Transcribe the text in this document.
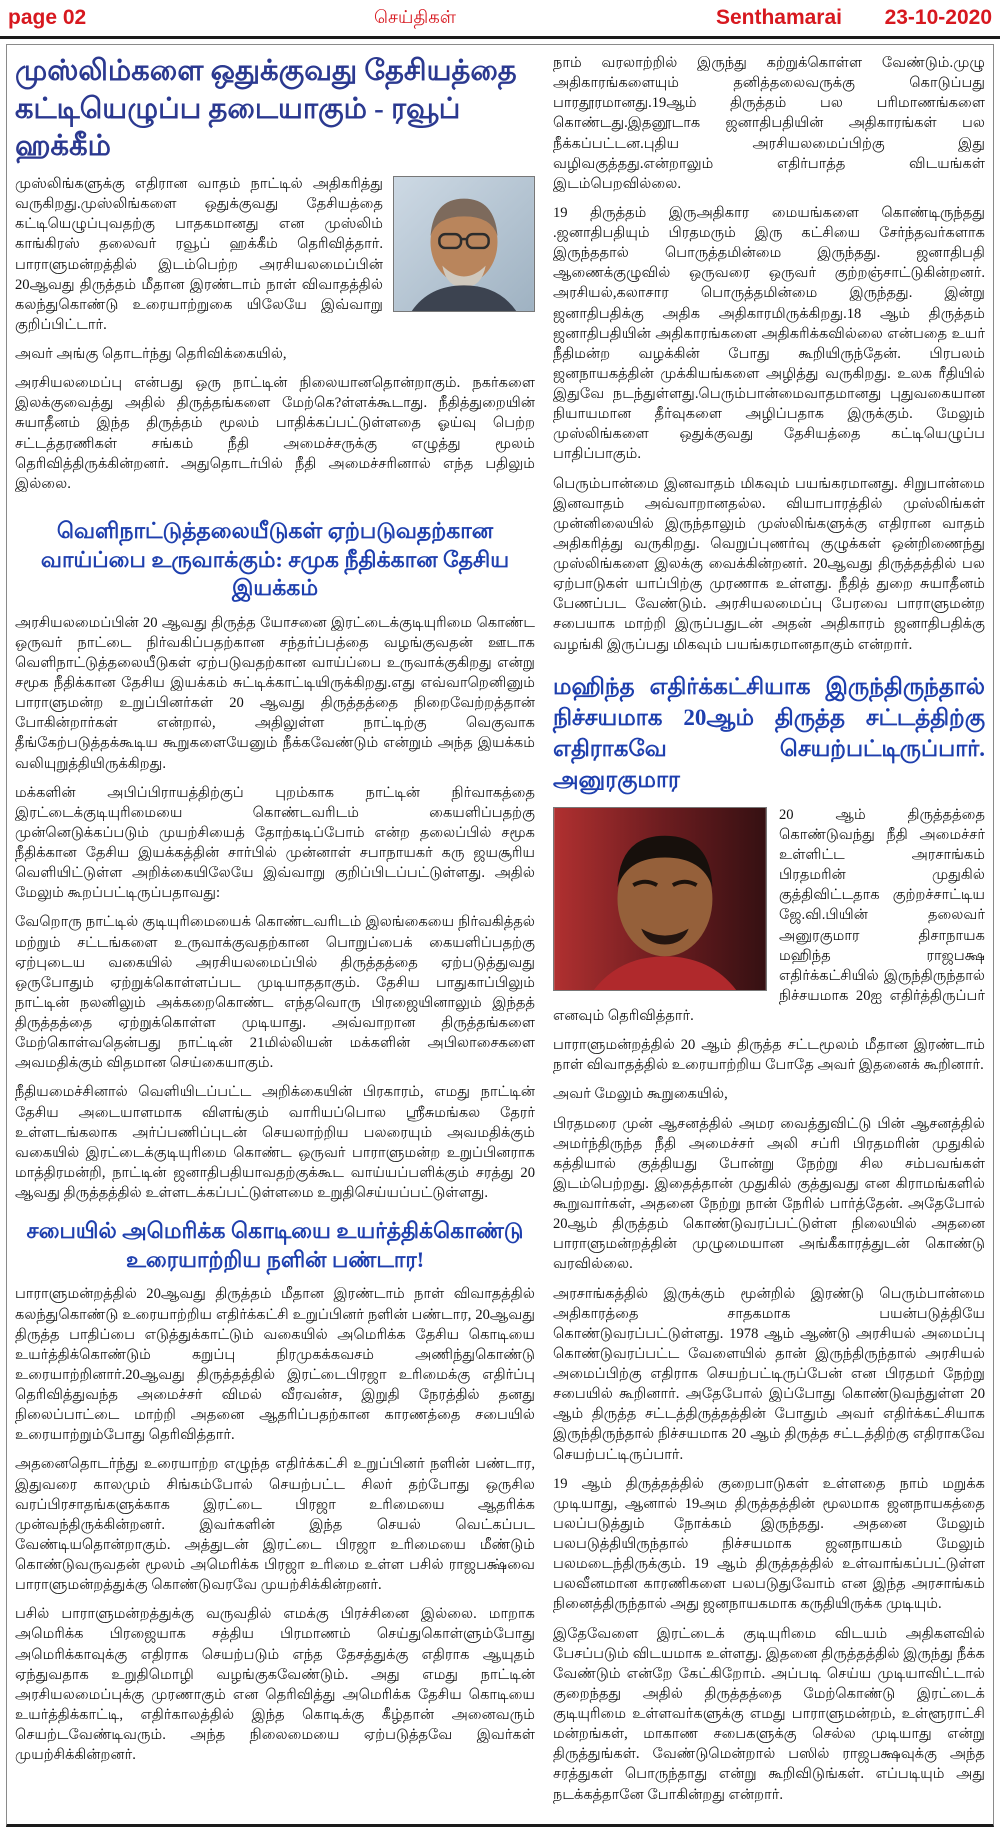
page 02	செய்திகள்	Senthamarai	23-10-2020
முஸ்லிம்களை ஒதுக்குவது தேசியத்தை கட்டியெழுப்ப தடையாகும் - ரவூப் ஹக்கீம்

முஸ்லிங்களுக்கு எதிரான வாதம் நாட்டில் அதிகரித்து வருகிறது.முஸ்லிங்களை ஒதுக்குவது தேசியத்தை கட்டியெழுப்புவதற்கு பாதகமானது என முஸ்லிம் காங்கிரஸ் தலைவர் ரவூப் ஹக்கீம் தெரிவித்தார். பாராளுமன்றத்தில் இடம்பெற்ற அரசியலமைப்பின் 20ஆவது திருத்தம் மீதான இரண்டாம் நாள் விவாதத்தில் கலந்துகொண்டு உரையாற்றுகை யிலேயே இவ்வாறு குறிப்பிட்டார்.

அவர் அங்கு தொடர்ந்து தெரிவிக்கையில்,

அரசியலமைப்பு என்பது ஒரு நாட்டின் நிலையானதொன்றாகும். நகர்களை இலக்குவைத்து அதில் திருத்தங்களை மேற்கெ?ள்ளக்கூடாது. நீதித்துறையின் சுயாதீனம் இந்த திருத்தம் மூலம் பாதிக்கப்பட்டுள்ளதை ஓய்வு பெற்ற சட்டத்தரணிகள் சங்கம் நீதி அமைச்சருக்கு எழுத்து மூலம் தெரிவித்திருக்கின்றனர். அதுதொடர்பில் நீதி அமைச்சரினால் எந்த பதிலும் இல்லை.

வெளிநாட்டுத்தலையீடுகள் ஏற்படுவதற்கான வாய்ப்பை உருவாக்கும்: சமுக நீதிக்கான தேசிய இயக்கம்

அரசியலமைப்பின் 20 ஆவது திருத்த யோசனை இரட்டைக்குடியுரிமை கொண்ட ஒருவர் நாட்டை நிர்வகிப்பதற்கான சந்தர்ப்பத்தை வழங்குவதன் ஊடாக வெளிநாட்டுத்தலையீடுகள் ஏற்படுவதற்கான வாய்ப்பை உருவாக்குகிறது என்று சமூக நீதிக்கான தேசிய இயக்கம் சுட்டிக்காட்டியிருக்கிறது.எது எவ்வாறெனினும் பாராளுமன்ற உறுப்பினர்கள் 20 ஆவது திருத்தத்தை நிறைவேற்றத்தான் போகின்றார்கள் என்றால், அதிலுள்ள நாட்டிற்கு வெகுவாக தீங்கேற்படுத்தக்கூடிய கூறுகளையேனும் நீக்கவேண்டும் என்றும் அந்த இயக்கம் வலியுறுத்தியிருக்கிறது.

மக்களின் அபிப்பிராயத்திற்குப் புறம்காக நாட்டின் நிர்வாகத்தை இரட்டைக்குடியுரிமையை கொண்டவரிடம் கையளிப்பதற்கு முன்னெடுக்கப்படும் முயற்சியைத் தோற்கடிப்போம் என்ற தலைப்பில் சமூக நீதிக்கான தேசிய இயக்கத்தின் சார்பில் முன்னாள் சபாநாயகர் கரு ஜயசூரிய வெளியிட்டுள்ள அறிக்கையிலேயே இவ்வாறு குறிப்பிடப்பட்டுள்ளது. அதில் மேலும் கூறப்பட்டிருப்பதாவது:

வேறொரு நாட்டில் குடியுரிமையைக் கொண்டவரிடம் இலங்கையை நிர்வகித்தல் மற்றும் சட்டங்களை உருவாக்குவதற்கான பொறுப்பைக் கையளிப்பதற்கு ஏற்புடைய வகையில் அரசியலமைப்பில் திருத்தத்தை ஏற்படுத்துவது ஒருபோதும் ஏற்றுக்கொள்ளப்பட முடியாததாகும். தேசிய பாதுகாப்பிலும் நாட்டின் நலனிலும் அக்கறைகொண்ட எந்தவொரு பிரஜையினாலும் இந்தத் திருத்தத்தை ஏற்றுக்கொள்ள முடியாது. அவ்வாறான திருத்தங்களை மேற்கொள்வதென்பது நாட்டின் 21மில்லியன் மக்களின் அபிலாசைகளை அவமதிக்கும் விதமான செய்கையாகும்.

நீதியமைச்சினால் வெளியிடப்பட்ட அறிக்கையின் பிரகாரம், எமது நாட்டின் தேசிய அடையாளமாக விளங்கும் வாரியப்பொல ஸ்ரீசுமங்கல தேரர் உள்ளடங்கலாக அர்ப்பணிப்புடன் செயலாற்றிய பலரையும் அவமதிக்கும் வகையில் இரட்டைக்குடியுரிமை கொண்ட ஒருவர் பாராளுமன்ற உறுப்பினராக மாத்திரமன்றி, நாட்டின் ஜனாதிபதியாவதற்குக்கூட வாய்யப்பளிக்கும் சரத்து 20 ஆவது திருத்தத்தில் உள்ளடக்கப்பட்டுள்ளமை உறுதிசெய்யப்பட்டுள்ளது.

சபையில் அமெரிக்க கொடியை உயர்த்திக்கொண்டு உரையாற்றிய நளின் பண்டார!

பாராளுமன்றத்தில் 20ஆவது திருத்தம் மீதான இரண்டாம் நாள் விவாதத்தில் கலந்துகொண்டு உரையாற்றிய எதிர்க்கட்சி உறுப்பினர் நளின் பண்டார, 20ஆவது திருத்த பாதிப்பை எடுத்துக்காட்டும் வகையில் அமெரிக்க தேசிய கொடியை உயர்த்திக்கொண்டும் கறுப்பு நிரமுகக்கவசம் அணிந்துகொண்டு உரையாற்றினார்.20ஆவது திருத்தத்தில் இரட்டைபிரஜா உரிமைக்கு எதிர்ப்பு தெரிவித்துவந்த அமைச்சர் விமல் வீரவன்ச, இறுதி நேரத்தில் தனது நிலைப்பாட்டை மாற்றி அதனை ஆதரிப்பதற்கான காரணத்தை சபையில் உரையாற்றும்போது தெரிவித்தார்.

அதனைதொடர்ந்து உரையாற்ற எழுந்த எதிர்க்கட்சி உறுப்பினர் நளின் பண்டார, இதுவரை காலமும் சிங்கம்போல் செயற்பட்ட சிலர் தற்போது ஒருசில வரப்பிரசாதங்களுக்காக இரட்டை பிரஜா உரிமையை ஆதரிக்க முன்வந்திருக்கின்றனர். இவர்களின் இந்த செயல் வெட்கப்பட வேண்டியதொன்றாகும். அத்துடன் இரட்டை பிரஜா உரிமையை மீண்டும் கொண்டுவருவதன் மூலம் அமெரிக்க பிரஜா உரிமை உள்ள பசில் ராஜபக்ஷ்வை பாராளுமன்றத்துக்கு கொண்டுவரவே முயற்சிக்கின்றனர்.

பசில் பாராளுமன்றத்துக்கு வருவதில் எமக்கு பிரச்சினை இல்லை. மாறாக அமெரிக்க பிரஜையாக சத்திய பிரமாணம் செய்துகொள்ளும்போது அமெரிக்காவுக்கு எதிராக செயற்படும் எந்த தேசத்துக்கு எதிராக ஆயுதம் ஏந்துவதாக உறுதிமொழி வழங்குகவேண்டும். அது எமது நாட்டின் அரசியலமைப்புக்கு முரணாகும் என தெரிவித்து அமெரிக்க தேசிய கொடியை உயர்த்திக்காட்டி, எதிர்காலத்தில் இந்த கொடிக்கு கீழ்தான் அனைவரும் செயற்டவேண்டிவரும். அந்த நிலைமையை ஏற்படுத்தவே இவர்கள் முயற்சிக்கின்றனர்.

நாம் வரலாற்றில் இருந்து கற்றுக்கொள்ள வேண்டும்.முழு அதிகாரங்களையும் தனித்தலைவருக்கு கொடுப்பது பாரதூரமானது.19ஆம் திருத்தம் பல பரிமாணங்களை கொண்டது.இதனூடாக ஜனாதிபதியின் அதிகாரங்கள் பல நீக்கப்பட்டன.புதிய அரசியலமைப்பிற்கு இது வழிவகுத்தது.என்றாலும் எதிர்பாத்த விடயங்கள் இடம்பெறவில்லை.

19 திருத்தம் இருஅதிகார மையங்களை கொண்டிருந்தது .ஜனாதிபதியும் பிரதமரும் இரு கட்சியை சேர்ந்தவர்களாக இருந்ததால் பொருத்தமின்மை இருந்தது. ஜனாதிபதி ஆணைக்குழுவில் ஒருவரை ஒருவர் குற்றஞ்சாட்டுகின்றனர். அரசியல்,கலாசார பொருத்தமின்மை இருந்தது. இன்று ஜனாதிபதிக்கு அதிக அதிகாரமிருக்கிறது.18 ஆம் திருத்தம் ஜனாதிபதியின் அதிகாரங்களை அதிகரிக்கவில்லை என்பதை உயர் நீதிமன்ற வழக்கின் போது கூறியிருந்தேன். பிரபலம் ஜனநாயகத்தின் முக்கியங்களை அழித்து வருகிறது. உலக ரீதியில் இதுவே நடந்துள்ளது.பெரும்பான்மைவாதமானது புதுவகையான நியாயமான தீர்வுகளை அழிப்பதாக இருக்கும். மேலும் முஸ்லிங்களை ஒதுக்குவது தேசியத்தை கட்டியெழுப்ப பாதிப்பாகும்.

பெரும்பான்மை இனவாதம் மிகவும் பயங்கரமானது. சிறுபான்மை இனவாதம் அவ்வாறானதல்ல. வியாபாரத்தில் முஸ்லிங்கள் முன்னிலையில் இருந்தாலும் முஸ்லிங்களுக்கு எதிரான வாதம் அதிகரித்து வருகிறது. வெறுப்புணர்வு குழுக்கள் ஒன்றிணைந்து முஸ்லிங்களை இலக்கு வைக்கின்றனர். 20ஆவது திருத்தத்தில் பல ஏற்பாடுகள் யாப்பிற்கு முரணாக உள்ளது. நீதித் துறை சுயாதீனம் பேணப்பட வேண்டும். அரசியலமைப்பு பேரவை பாராளுமன்ற சபையாக மாற்றி இருப்பதுடன் அதன் அதிகாரம் ஜனாதிபதிக்கு வழங்கி இருப்பது மிகவும் பயங்கரமானதாகும் என்றார்.

மஹிந்த எதிர்க்கட்சியாக இருந்திருந்தால் நிச்சயமாக 20ஆம் திருத்த சட்டத்திற்கு எதிராகவே செயற்பட்டிருப்பார். அனுரகுமார

20 ஆம் திருத்தத்தை கொண்டுவந்து நீதி அமைச்சர் உள்ளிட்ட அரசாங்கம் பிரதமரின் முதுகில் குத்திவிட்டதாக குற்றச்சாட்டிய ஜே.வி.பியின் தலைவர் அனுரகுமார திசாநாயக மஹிந்த ராஜபக்ஷ எதிர்க்கட்சியில் இருந்திருந்தால் நிச்சயமாக 20ஐ எதிர்த்திருப்பர் எனவும் தெரிவித்தார்.

பாராளுமன்றத்தில் 20 ஆம் திருத்த சட்டமூலம் மீதான இரண்டாம் நாள் விவாதத்தில் உரையாற்றிய போதே அவர் இதனைக் கூறினார்.

அவர் மேலும் கூறுகையில்,

பிரதமரை முன் ஆசனத்தில் அமர வைத்துவிட்டு பின் ஆசனத்தில் அமர்ந்திருந்த நீதி அமைச்சர் அலி சப்ரி பிரதமரின் முதுகில் கத்தியால் குத்தியது போன்று நேற்று சில சம்பவங்கள் இடம்பெற்றது. இதைத்தான் முதுகில் குத்துவது என கிராமங்களில் கூறுவார்கள், அதனை நேற்று நான் நேரில் பார்த்தேன். அதேபோல் 20ஆம் திருத்தம் கொண்டுவரப்பட்டுள்ள நிலையில் அதனை பாராளுமன்றத்தின் முழுமையான அங்கீகாரத்துடன் கொண்டு வரவில்லை.

அரசாங்கத்தில் இருக்கும் மூன்றில் இரண்டு பெரும்பான்மை அதிகாரத்தை சாதகமாக பயன்படுத்தியே கொண்டுவரப்பட்டுள்ளது. 1978 ஆம் ஆண்டு அரசியல் அமைப்பு கொண்டுவரப்பட்ட வேளையில் தான் இருந்திருந்தால் அரசியல் அமைப்பிற்கு எதிராக செயற்பட்டிருப்பேன் என பிரதமர் நேற்று சபையில் கூறினார். அதேபோல் இப்போது கொண்டுவந்துள்ள 20 ஆம் திருத்த சட்டத்திருத்தத்தின் போதும் அவர் எதிர்க்கட்சியாக இருந்திருந்தால் நிச்சயமாக 20 ஆம் திருத்த சட்டத்திற்கு எதிராகவே செயற்பட்டிருப்பார்.

19 ஆம் திருத்தத்தில் குறைபாடுகள் உள்ளதை நாம் மறுக்க முடியாது, ஆனால் 19அம திருத்தத்தின் மூலமாக ஜனநாயகத்தை பலப்படுத்தும் நோக்கம் இருந்தது. அதனை மேலும் பலபடுத்தியிருந்தால் நிச்சயமாக ஜனநாயகம் மேலும் பலமடைந்திருக்கும். 19 ஆம் திருத்தத்தில் உள்வாங்கப்பட்டுள்ள பலவீனமான காரணிகளை பலபடுதுவோம் என இந்த அரசாங்கம் நினைத்திருந்தால் அது ஜனநாயகமாக கருதியிருக்க முடியும்.

இதேவேளை இரட்டைக் குடியுரிமை விடயம் அதிகளவில் பேசப்படும் விடயமாக உள்ளது. இதனை திருத்தத்தில் இருந்து நீக்க வேண்டும் என்றே கேட்கிறோம். அப்படி செய்ய முடியாவிட்டால் குறைந்தது அதில் திருத்தத்தை மேற்கொண்டு இரட்டைக் குடியுரிமை உள்ளவர்களுக்கு எமது பாராளுமன்றம், உள்ளூராட்சி மன்றங்கள், மாகாண சபைகளுக்கு செல்ல முடியாது என்று திருத்துங்கள். வேண்டுமென்றால் பஸில் ராஜபக்ஷவுக்கு அந்த சரத்துகள் பொருந்தாது என்று கூறிவிடுங்கள். எப்படியும் அது நடக்கத்தானே போகின்றது என்றார்.
